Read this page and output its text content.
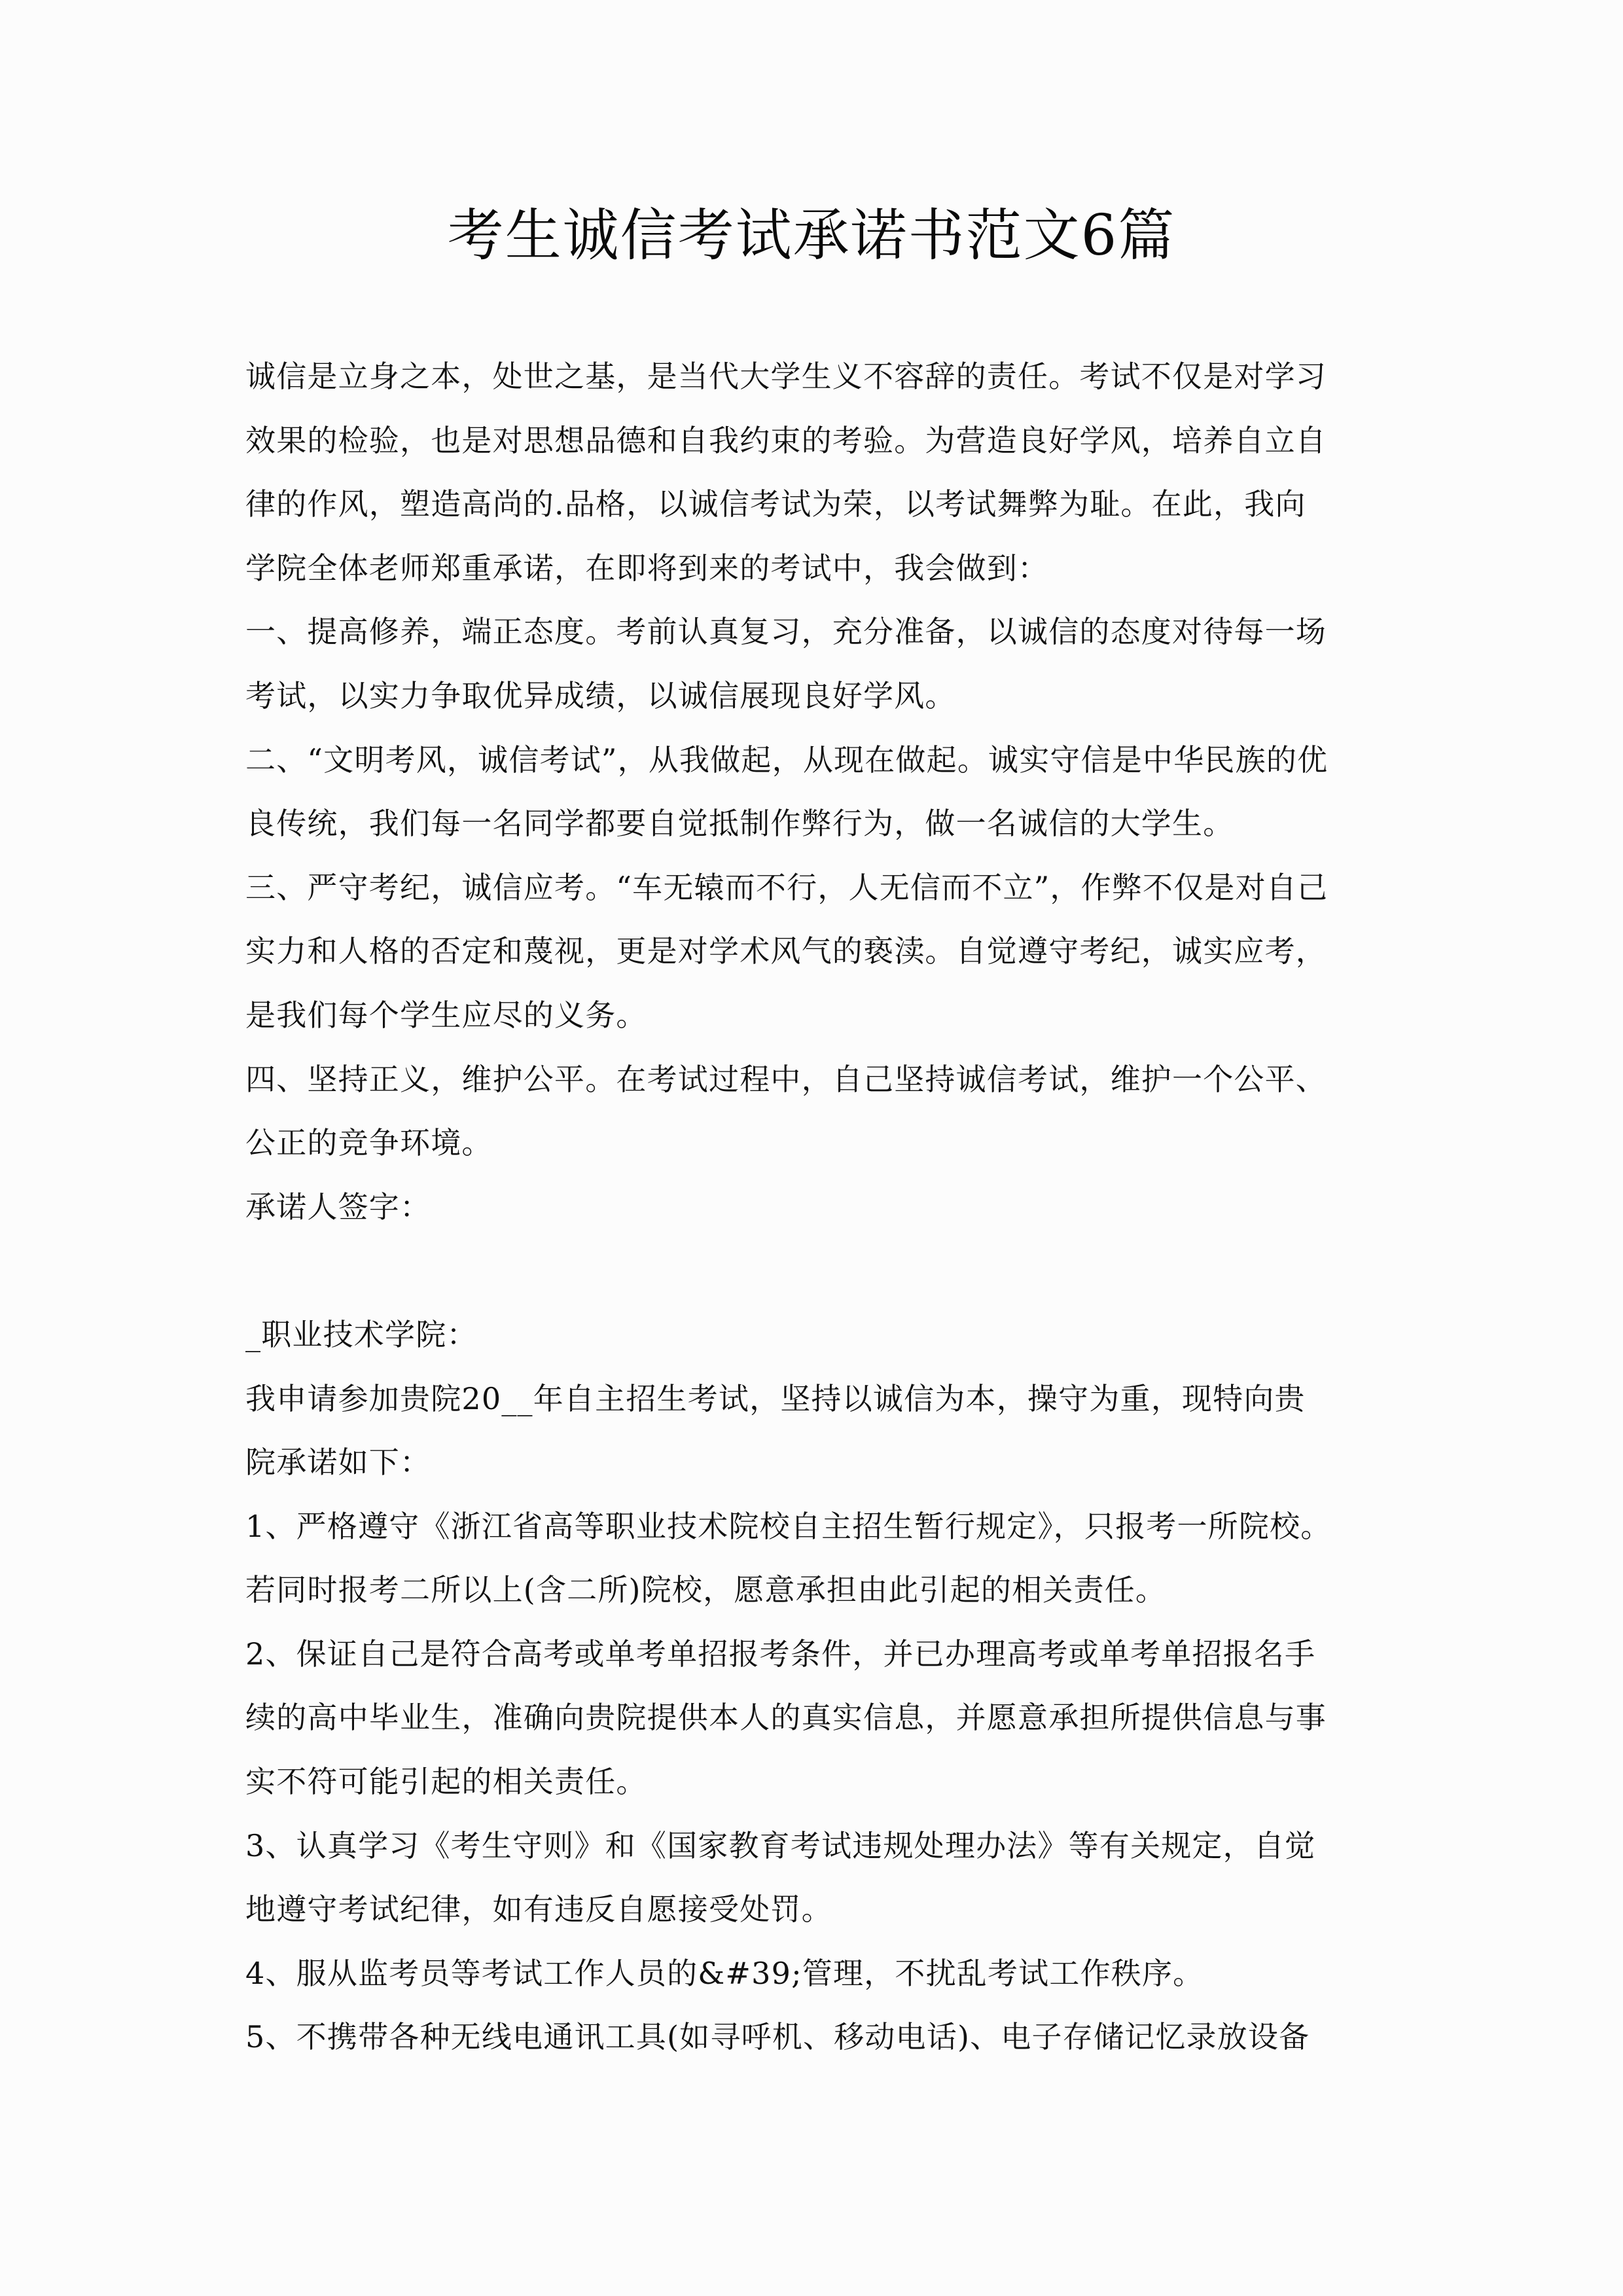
考生诚信考试承诺书范文6篇

诚信是立身之本，处世之基，是当代大学生义不容辞的责任。考试不仅是对学习

效果的检验，也是对思想品德和自我约束的考验。为营造良好学风，培养自立自

律的作风，塑造高尚的.品格，以诚信考试为荣，以考试舞弊为耻。在此，我向

学院全体老师郑重承诺，在即将到来的考试中，我会做到：

一、提高修养，端正态度。考前认真复习，充分准备，以诚信的态度对待每一场

考试，以实力争取优异成绩，以诚信展现良好学风。

二、“文明考风，诚信考试”，从我做起，从现在做起。诚实守信是中华民族的优

良传统，我们每一名同学都要自觉抵制作弊行为，做一名诚信的大学生。

三、严守考纪，诚信应考。“车无辕而不行，人无信而不立”，作弊不仅是对自己

实力和人格的否定和蔑视，更是对学术风气的亵渎。自觉遵守考纪，诚实应考，

是我们每个学生应尽的义务。

四、坚持正义，维护公平。在考试过程中，自己坚持诚信考试，维护一个公平、

公正的竞争环境。

承诺人签字：

_职业技术学院：

我申请参加贵院20__年自主招生考试，坚持以诚信为本，操守为重，现特向贵

院承诺如下：

1、严格遵守《浙江省高等职业技术院校自主招生暂行规定》，只报考一所院校。

若同时报考二所以上(含二所)院校，愿意承担由此引起的相关责任。

2、保证自己是符合高考或单考单招报考条件，并已办理高考或单考单招报名手

续的高中毕业生，准确向贵院提供本人的真实信息，并愿意承担所提供信息与事

实不符可能引起的相关责任。

3、认真学习《考生守则》和《国家教育考试违规处理办法》等有关规定，自觉

地遵守考试纪律，如有违反自愿接受处罚。

4、服从监考员等考试工作人员的&#39;管理，不扰乱考试工作秩序。

5、不携带各种无线电通讯工具(如寻呼机、移动电话)、电子存储记忆录放设备
